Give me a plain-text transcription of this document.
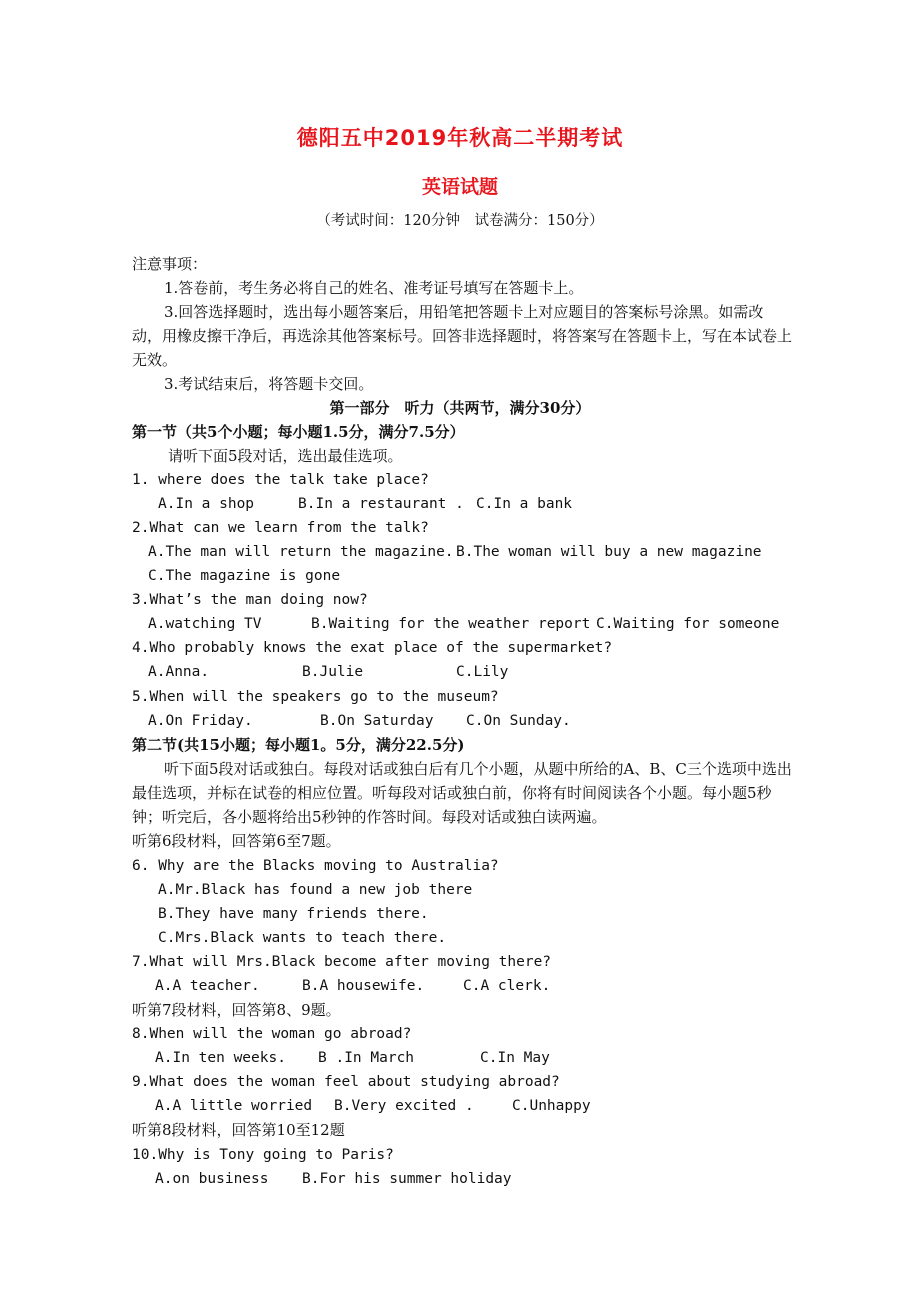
德阳五中2019年秋高二半期考试
英语试题
（考试时间：120分钟　试卷满分：150分）
注意事项：
1.答卷前，考生务必将自己的姓名、准考证号填写在答题卡上。
3.回答选择题时，选出每小题答案后，用铅笔把答题卡上对应题目的答案标号涂黑。如需改动，用橡皮擦干净后，再选涂其他答案标号。回答非选择题时，将答案写在答题卡上，写在本试卷上无效。
3.考试结束后，将答题卡交回。
第一部分　听力（共两节，满分30分）
第一节（共5个小题；每小题1.5分，满分7.5分）
请听下面5段对话，选出最佳选项。
1. where does the talk take place?
A.In a shop	B.In a restaurant . C.In a bank
2.What can we learn from the talk?
A.The man will return the magazine. B.The woman will buy a new magazine
C.The magazine is gone
3.What’s the man doing now?
A.watching TV	B.Waiting for the weather report C.Waiting for someone
4.Who probably knows the exat place of the supermarket?
A.Anna.	B.Julie	C.Lily
5.When will the speakers go to the museum?
A.On Friday.	B.On Saturday C.On Sunday.
第二节(共15小题；每小题1。5分，满分22.5分)
听下面5段对话或独白。每段对话或独白后有几个小题，从题中所给的A、B、C三个选项中选出最佳选项，并标在试卷的相应位置。听每段对话或独白前，你将有时间阅读各个小题。每小题5秒钟；听完后，各小题将给出5秒钟的作答时间。每段对话或独白读两遍。
听第6段材料，回答第6至7题。
6. Why are the Blacks moving to Australia?
A.Mr.Black has found a new job there
B.They have many friends there.
C.Mrs.Black wants to teach there.
7.What will Mrs.Black become after moving there?
A.A teacher.	B.A housewife.	C.A clerk.
听第7段材料，回答第8、9题。
8.When will the woman go abroad?
A.In ten weeks. B .In March	C.In May
9.What does the woman feel about studying abroad?
A.A little worried B.Very excited .	C.Unhappy
听第8段材料，回答第10至12题
10.Why is Tony going to Paris?
A.on business B.For his summer holiday
